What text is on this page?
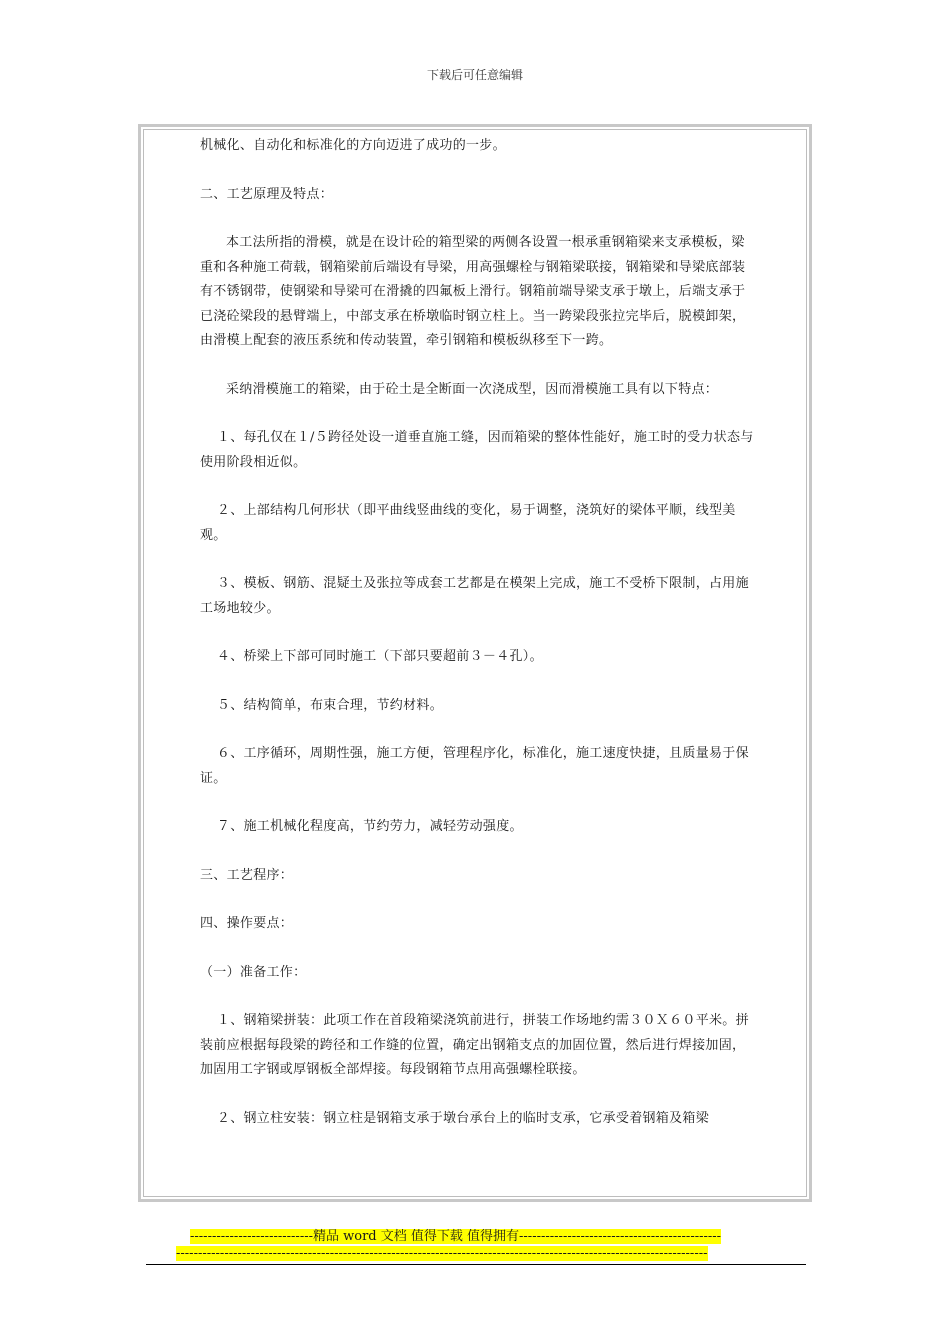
下载后可任意编辑

机械化、自动化和标准化的方向迈进了成功的一步。

二、工艺原理及特点：

本工法所指的滑模，就是在设计砼的箱型梁的两侧各设置一根承重钢箱梁来支承模板，梁重和各种施工荷载，钢箱梁前后端设有导梁，用高强螺栓与钢箱梁联接，钢箱梁和导梁底部装有不锈钢带，使钢梁和导梁可在滑撬的四氟板上滑行。钢箱前端导梁支承于墩上，后端支承于已浇砼梁段的悬臂端上，中部支承在桥墩临时钢立柱上。当一跨梁段张拉完毕后，脱模卸架，由滑模上配套的液压系统和传动装置，牵引钢箱和模板纵移至下一跨。

采纳滑模施工的箱梁，由于砼土是全断面一次浇成型，因而滑模施工具有以下特点：

１、每孔仅在１/５跨径处设一道垂直施工缝，因而箱梁的整体性能好，施工时的受力状态与使用阶段相近似。

２、上部结构几何形状（即平曲线竖曲线的变化，易于调整，浇筑好的梁体平顺，线型美观。

３、模板、钢筋、混疑土及张拉等成套工艺都是在模架上完成，施工不受桥下限制，占用施工场地较少。

４、桥梁上下部可同时施工（下部只要超前３－４孔）。

５、结构简单，布束合理，节约材料。

６、工序循环，周期性强，施工方便，管理程序化，标准化，施工速度快捷，且质量易于保证。

７、施工机械化程度高，节约劳力，减轻劳动强度。

三、工艺程序：

四、操作要点：

（一）准备工作：

１、钢箱梁拼装：此项工作在首段箱梁浇筑前进行，拼装工作场地约需３０Ｘ６０平米。拼装前应根据每段梁的跨径和工作缝的位置，确定出钢箱支点的加固位置，然后进行焊接加固，加固用工字钢或厚钢板全部焊接。每段钢箱节点用高强螺栓联接。

２、钢立柱安装：钢立柱是钢箱支承于墩台承台上的临时支承，它承受着钢箱及箱梁

----------------------------精品 word 文档 值得下载 值得拥有----------------------------------------------
-------------------------------------------------------------------------------------------------------------------------
